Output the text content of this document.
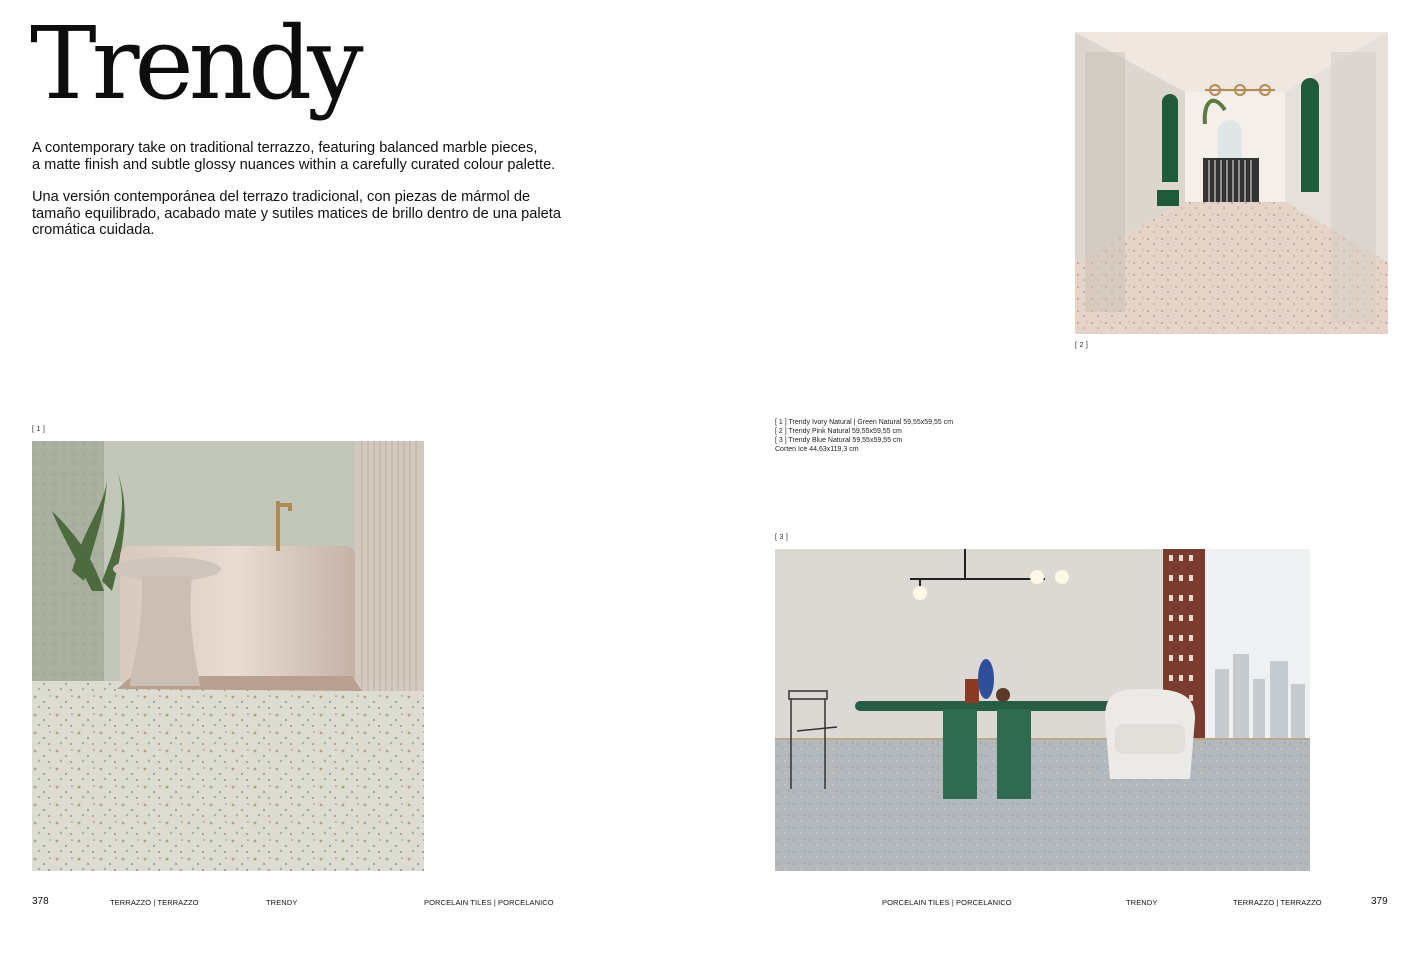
Trendy

A contemporary take on traditional terrazzo, featuring balanced marble pieces,
a matte finish and subtle glossy nuances within a carefully curated colour palette.

Una versión contemporánea del terrazo tradicional, con piezas de mármol de
tamaño equilibrado, acabado mate y sutiles matices de brillo dentro de una paleta
cromática cuidada.

[ 1 ]
[ 2 ]
[ 1 ] Trendy Ivory Natural | Green Natural 59,55x59,55 cm
[ 2 ] Trendy Pink Natural 59,55x59,55 cm
[ 3 ] Trendy Blue Natural 59,55x59,55 cm
Corten Ice 44,63x119,3 cm
[ 3 ]
378	TERRAZZO | TERRAZZO	TRENDY	PORCELAIN TILES | PORCELANICO	PORCELAIN TILES | PORCELANICO	TRENDY	TERRAZZO | TERRAZZO	379
